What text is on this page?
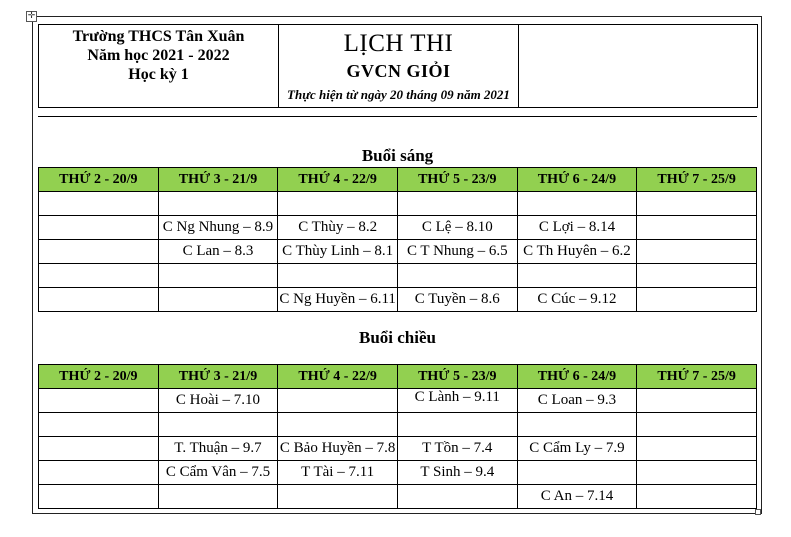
✛
Trường THCS Tân Xuân
Năm học 2021 - 2022
Học kỳ 1

LỊCH THI
GVCN GIỎI
Thực hiện từ ngày 20 tháng 09 năm 2021

Buổi sáng
THỨ 2 - 20/9	THỨ 3 - 21/9	THỨ 4 - 22/9	THỨ 5 - 23/9	THỨ 6 - 24/9	THỨ 7 - 25/9

	C Ng Nhung – 8.9	C Thùy – 8.2	C Lệ – 8.10	C Lợi – 8.14	
	C Lan – 8.3	C Thùy Linh – 8.1	C T Nhung – 6.5	C Th Huyên – 6.2	

		C Ng Huyền – 6.11	C Tuyền – 8.6	C Cúc – 9.12	
Buổi chiều
THỨ 2 - 20/9	THỨ 3 - 21/9	THỨ 4 - 22/9	THỨ 5 - 23/9	THỨ 6 - 24/9	THỨ 7 - 25/9
	C Hoài – 7.10		C Lành – 9.11	C Loan – 9.3	

	T. Thuận – 9.7	C Bảo Huyền – 7.8	T Tồn – 7.4	C Cẩm Ly – 7.9	
	C Cẩm Vân – 7.5	T Tài – 7.11	T Sinh – 9.4		
				C An – 7.14	
